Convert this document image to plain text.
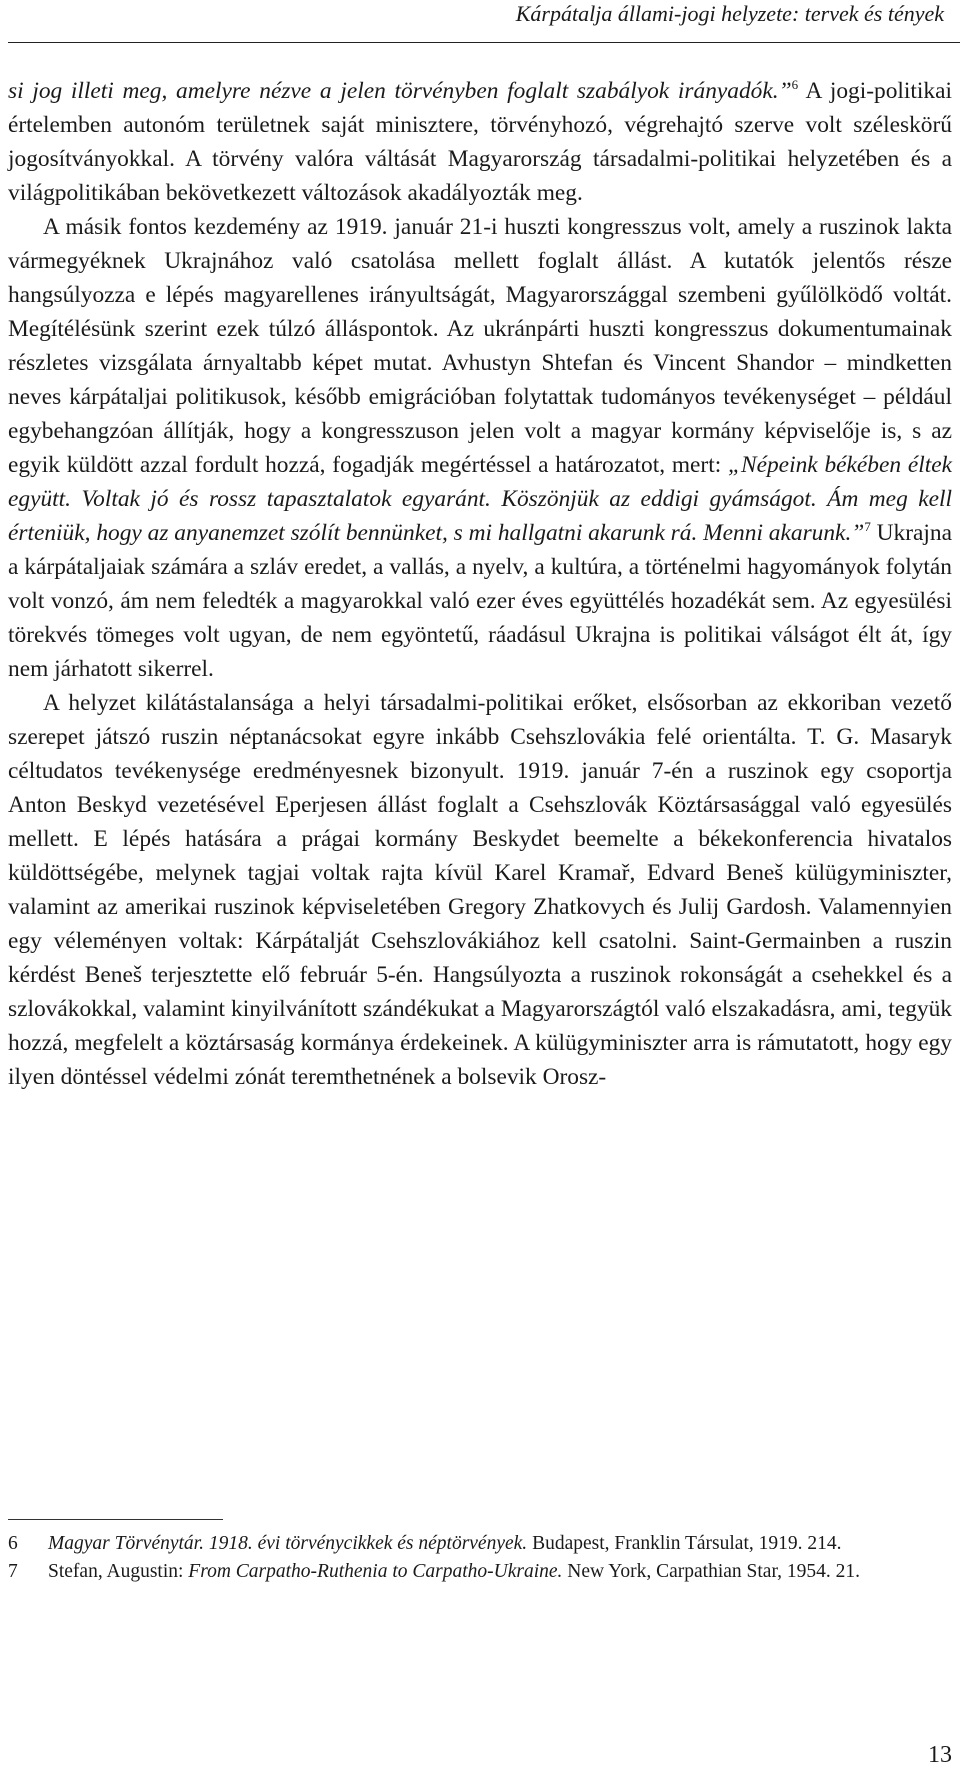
Kárpátalja állami-jogi helyzete: tervek és tények

si jog illeti meg, amelyre nézve a jelen törvényben foglalt szabályok irányadók.”$^6$ A jogi-politikai értelemben autonóm területnek saját minisztere, törvényhozó, végrehajtó szerve volt széleskörű jogosítványokkal. A törvény valóra váltását Magyarország társadalmi-politikai helyzetében és a világpolitikában bekövetkezett változások akadályozták meg.

A másik fontos kezdemény az 1919. január 21-i huszti kongresszus volt, amely a ruszinok lakta vármegyéknek Ukrajnához való csatolása mellett foglalt állást. A kutatók jelentős része hangsúlyozza e lépés magyarellenes irányultságát, Magyarországgal szembeni gyűlölködő voltát. Megítélésünk szerint ezek túlzó álláspontok. Az ukránpárti huszti kongresszus dokumentumainak részletes vizsgálata árnyaltabb képet mutat. Avhustyn Shtefan és Vincent Shandor – mindketten neves kárpátaljai politikusok, később emigrációban folytattak tudományos tevékenységet – például egybehangzóan állítják, hogy a kongresszuson jelen volt a magyar kormány képviselője is, s az egyik küldött azzal fordult hozzá, fogadják megértéssel a határozatot, mert: „Népeink békében éltek együtt. Voltak jó és rossz tapasztalatok egyaránt. Köszönjük az eddigi gyámságot. Ám meg kell érteniük, hogy az anyanemzet szólít bennünket, s mi hallgatni akarunk rá. Menni akarunk.”$^7$ Ukrajna a kárpátaljaiak számára a szláv eredet, a vallás, a nyelv, a kultúra, a történelmi hagyományok folytán volt vonzó, ám nem feledték a magyarokkal való ezer éves együttélés hozadékát sem. Az egyesülési törekvés tömeges volt ugyan, de nem egyöntetű, ráadásul Ukrajna is politikai válságot élt át, így nem járhatott sikerrel.

A helyzet kilátástalansága a helyi társadalmi-politikai erőket, elsősorban az ekkoriban vezető szerepet játszó ruszin néptanácsokat egyre inkább Csehszlovákia felé orientálta. T. G. Masaryk céltudatos tevékenysége eredményesnek bizonyult. 1919. január 7-én a ruszinok egy csoportja Anton Beskyd vezetésével Eperjesen állást foglalt a Csehszlovák Köztársasággal való egyesülés mellett. E lépés hatására a prágai kormány Beskydet beemelte a békekonferencia hivatalos küldöttségébe, melynek tagjai voltak rajta kívül Karel Kramař, Edvard Beneš külügyminiszter, valamint az amerikai ruszinok képviseletében Gregory Zhatkovych és Julij Gardosh. Valamennyien egy véleményen voltak: Kárpátalját Csehszlovákiához kell csatolni. Saint-Germainben a ruszin kérdést Beneš terjesztette elő február 5-én. Hangsúlyozta a ruszinok rokonságát a csehekkel és a szlovákokkal, valamint kinyilvánított szándékukat a Magyarországtól való elszakadásra, ami, tegyük hozzá, megfelelt a köztársaság kormánya érdekeinek. A külügyminiszter arra is rámutatott, hogy egy ilyen döntéssel védelmi zónát teremthetnének a bolsevik Orosz-

6	Magyar Törvénytár. 1918. évi törvénycikkek és néptörvények. Budapest, Franklin Társulat, 1919. 214.
7	Stefan, Augustin: From Carpatho-Ruthenia to Carpatho-Ukraine. New York, Carpathian Star, 1954. 21.
13
